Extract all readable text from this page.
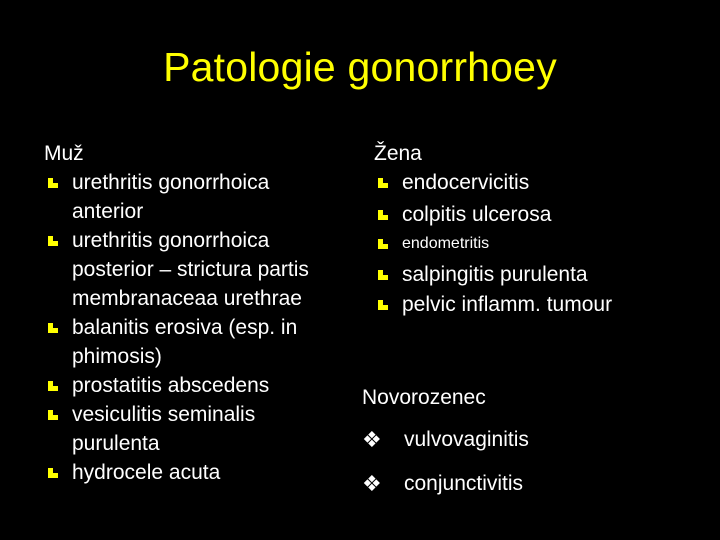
Patologie gonorrhoey
Muž
urethritis gonorrhoica
anterior
urethritis gonorrhoica
posterior – strictura partis
membranaceaa urethrae
balanitis erosiva (esp. in
phimosis)
prostatitis abscedens
vesiculitis seminalis
purulenta
hydrocele acuta
Žena
endocervicitis
colpitis ulcerosa
endometritis
salpingitis purulenta
pelvic inflamm. tumour
Novorozenec
❖ vulvovaginitis
❖ conjunctivitis
